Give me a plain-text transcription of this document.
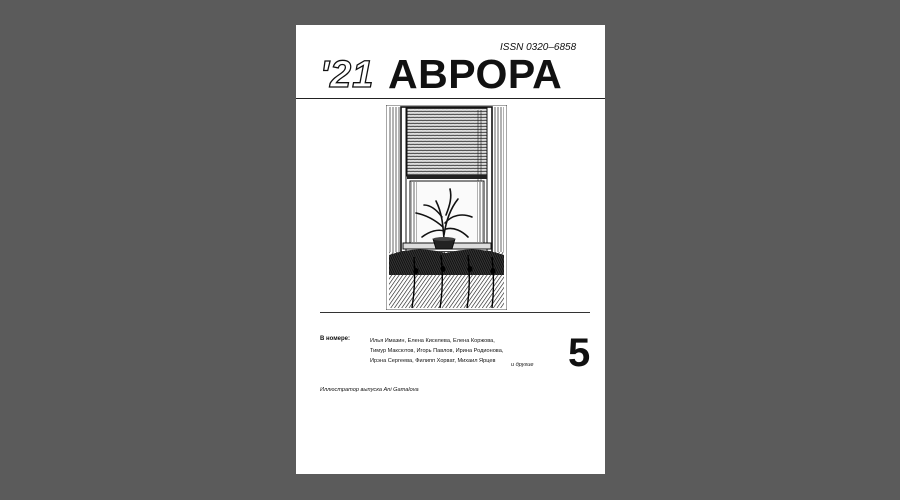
ISSN 0320–6858
'21 АВРОРА
В номере:	Илья Имазин, Елена Киселева, Елена Коржова,
Тимур Максютов, Игорь Павлов, Ирина Родионова,
Ирэна Сергеева, Филипп Хорват, Михаил Ярцев
и другие 5
Иллюстратор выпуска Ani Gamalova
